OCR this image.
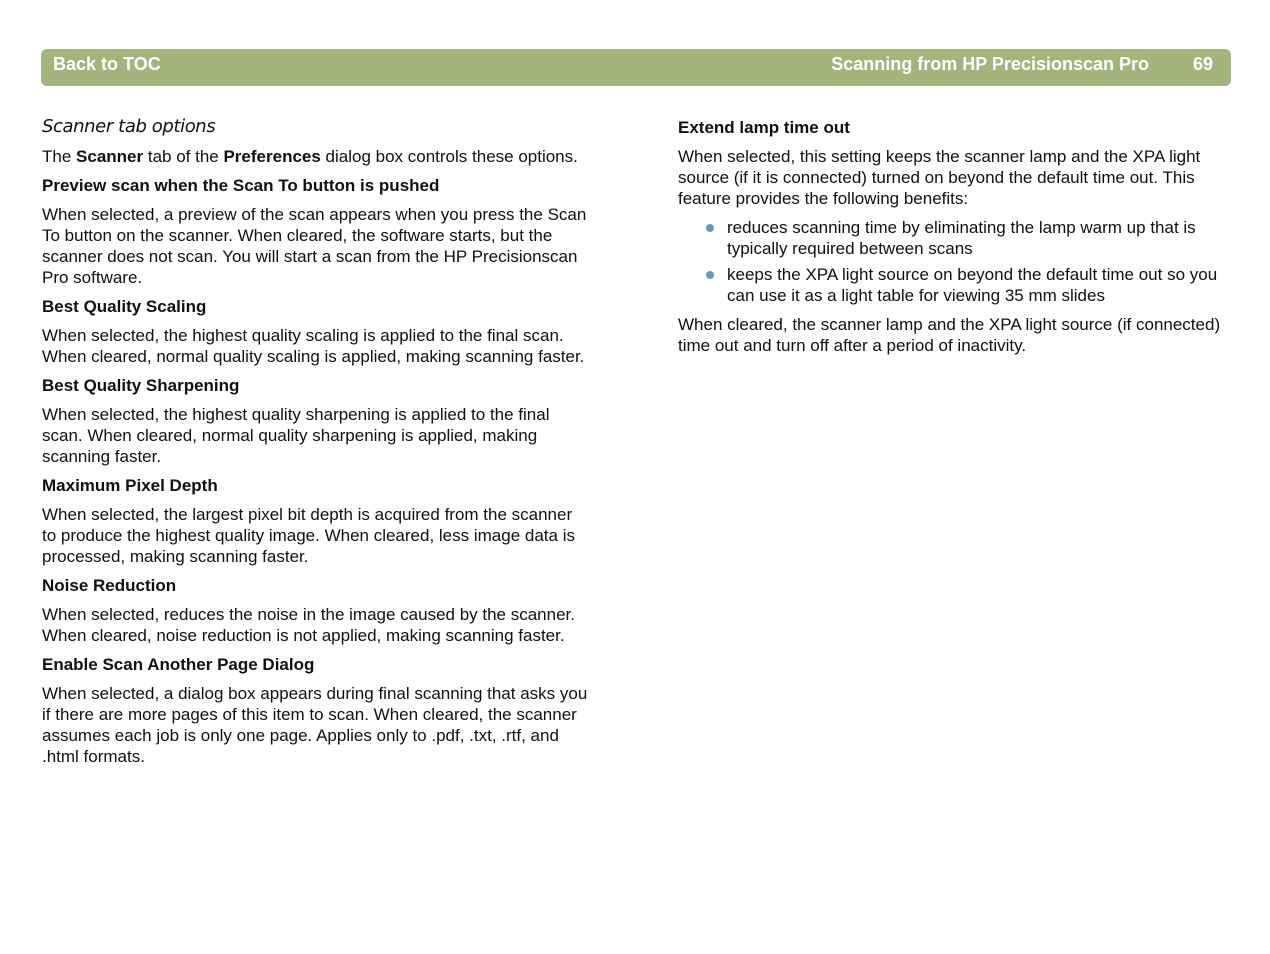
Back to TOC	Scanning from HP Precisionscan Pro 69
Scanner tab options

The Scanner tab of the Preferences dialog box controls these options.

Preview scan when the Scan To button is pushed

When selected, a preview of the scan appears when you press the Scan To button on the scanner. When cleared, the software starts, but the scanner does not scan. You will start a scan from the HP Precisionscan Pro software.

Best Quality Scaling

When selected, the highest quality scaling is applied to the final scan. When cleared, normal quality scaling is applied, making scanning faster.

Best Quality Sharpening

When selected, the highest quality sharpening is applied to the final scan. When cleared, normal quality sharpening is applied, making scanning faster.

Maximum Pixel Depth

When selected, the largest pixel bit depth is acquired from the scanner to produce the highest quality image. When cleared, less image data is processed, making scanning faster.

Noise Reduction

When selected, reduces the noise in the image caused by the scanner. When cleared, noise reduction is not applied, making scanning faster.

Enable Scan Another Page Dialog

When selected, a dialog box appears during final scanning that asks you if there are more pages of this item to scan. When cleared, the scanner assumes each job is only one page. Applies only to .pdf, .txt, .rtf, and .html formats.

Extend lamp time out

When selected, this setting keeps the scanner lamp and the XPA light source (if it is connected) turned on beyond the default time out. This feature provides the following benefits:

reduces scanning time by eliminating the lamp warm up that is typically required between scans
keeps the XPA light source on beyond the default time out so you can use it as a light table for viewing 35 mm slides

When cleared, the scanner lamp and the XPA light source (if connected) time out and turn off after a period of inactivity.
